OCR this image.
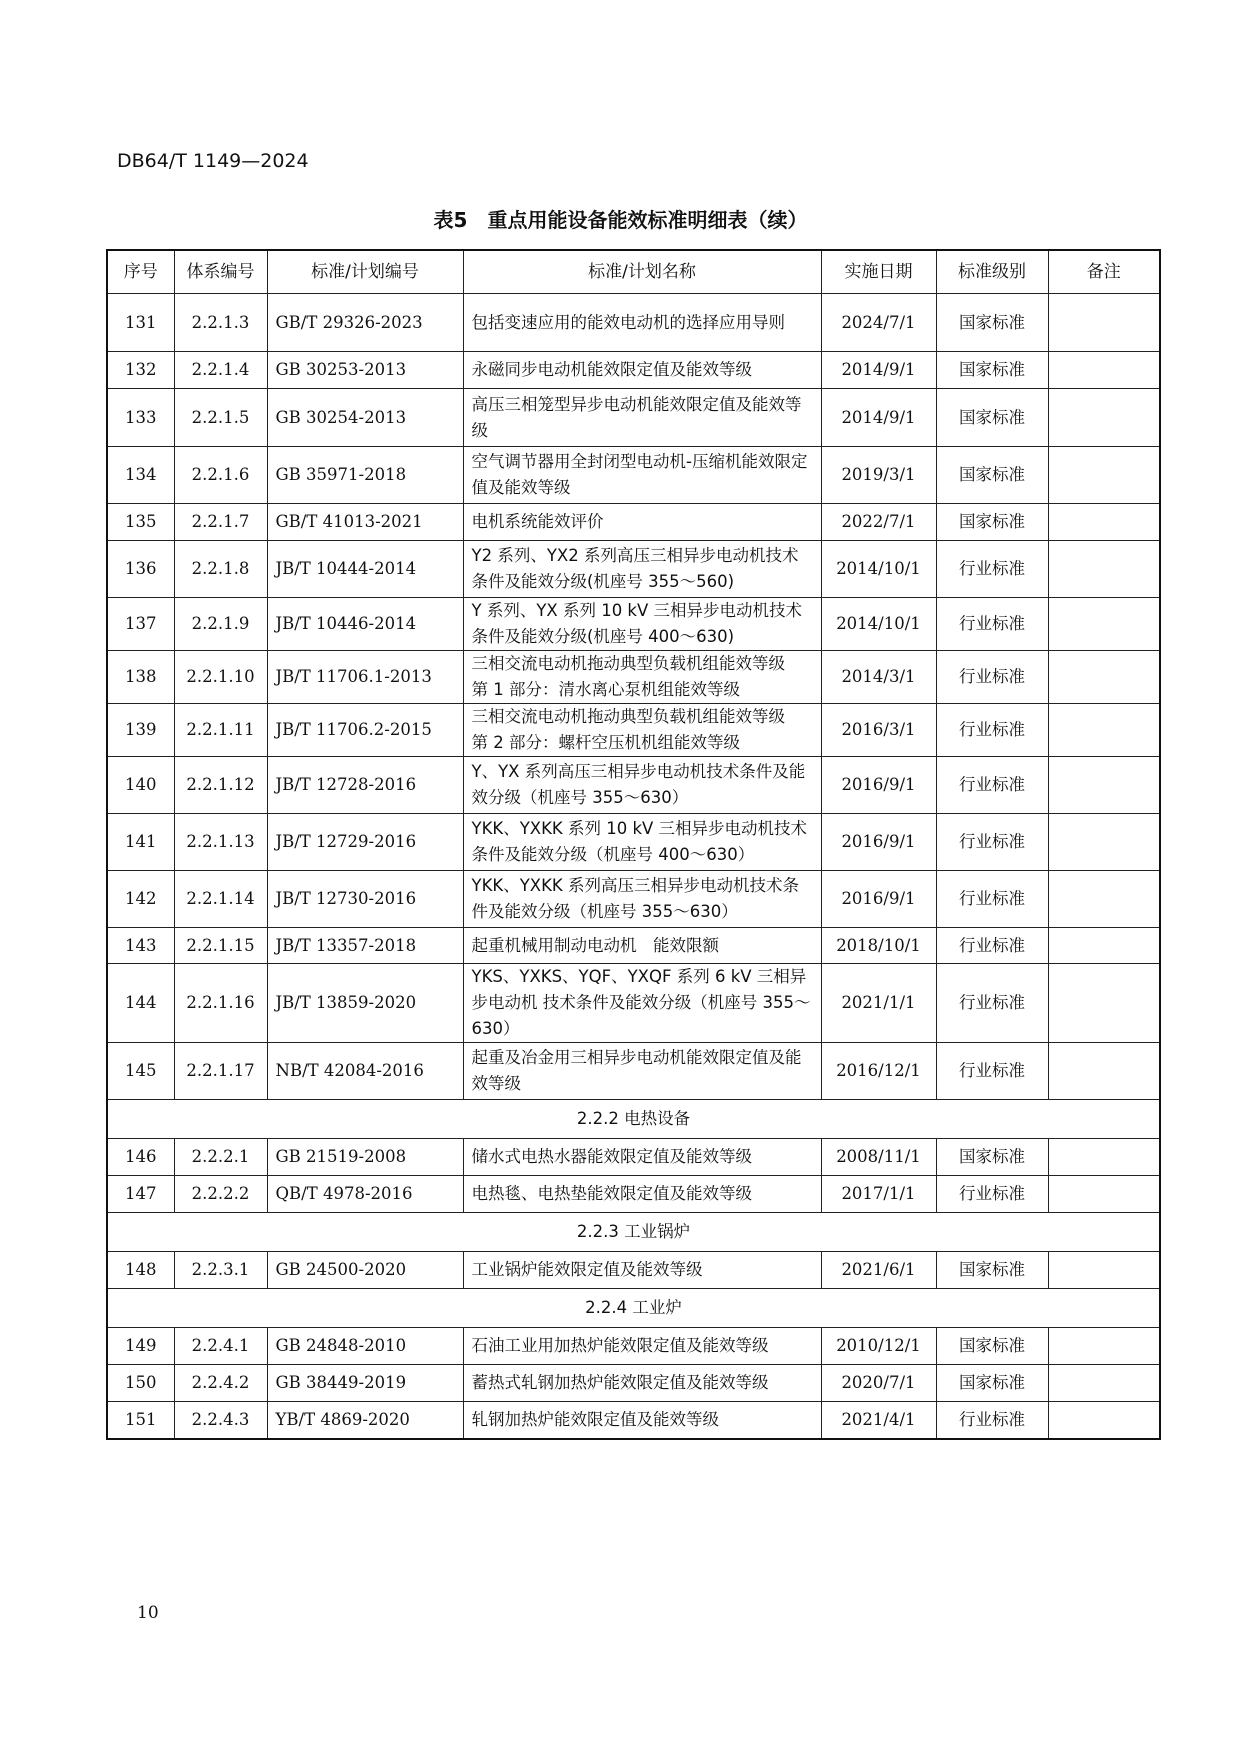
DB64/T 1149—2024
表5　重点用能设备能效标准明细表（续）
序号	体系编号	标准/计划编号	标准/计划名称	实施日期	标准级别	备注
131	2.2.1.3	GB/T 29326-2023	包括变速应用的能效电动机的选择应用导则	2024/7/1	国家标准	
132	2.2.1.4	GB 30253-2013	永磁同步电动机能效限定值及能效等级	2014/9/1	国家标准	
133	2.2.1.5	GB 30254-2013	高压三相笼型异步电动机能效限定值及能效等级	2014/9/1	国家标准	
134	2.2.1.6	GB 35971-2018	空气调节器用全封闭型电动机-压缩机能效限定值及能效等级	2019/3/1	国家标准	
135	2.2.1.7	GB/T 41013-2021	电机系统能效评价	2022/7/1	国家标准	
136	2.2.1.8	JB/T 10444-2014	Y2 系列、YX2 系列高压三相异步电动机技术条件及能效分级(机座号 355～560)	2014/10/1	行业标准	
137	2.2.1.9	JB/T 10446-2014	Y 系列、YX 系列 10 kV 三相异步电动机技术条件及能效分级(机座号 400～630)	2014/10/1	行业标准	
138	2.2.1.10	JB/T 11706.1-2013	三相交流电动机拖动典型负载机组能效等级　第 1 部分：清水离心泵机组能效等级	2014/3/1	行业标准	
139	2.2.1.11	JB/T 11706.2-2015	三相交流电动机拖动典型负载机组能效等级　第 2 部分：螺杆空压机机组能效等级	2016/3/1	行业标准	
140	2.2.1.12	JB/T 12728-2016	Y、YX 系列高压三相异步电动机技术条件及能效分级（机座号 355～630）	2016/9/1	行业标准	
141	2.2.1.13	JB/T 12729-2016	YKK、YXKK 系列 10 kV 三相异步电动机技术条件及能效分级（机座号 400～630）	2016/9/1	行业标准	
142	2.2.1.14	JB/T 12730-2016	YKK、YXKK 系列高压三相异步电动机技术条件及能效分级（机座号 355～630）	2016/9/1	行业标准	
143	2.2.1.15	JB/T 13357-2018	起重机械用制动电动机　能效限额	2018/10/1	行业标准	
144	2.2.1.16	JB/T 13859-2020	YKS、YXKS、YQF、YXQF 系列 6 kV 三相异步电动机 技术条件及能效分级（机座号 355～630）	2021/1/1	行业标准	
145	2.2.1.17	NB/T 42084-2016	起重及冶金用三相异步电动机能效限定值及能效等级	2016/12/1	行业标准	
2.2.2 电热设备						
146	2.2.2.1	GB 21519-2008	储水式电热水器能效限定值及能效等级	2008/11/1	国家标准	
147	2.2.2.2	QB/T 4978-2016	电热毯、电热垫能效限定值及能效等级	2017/1/1	行业标准	
2.2.3 工业锅炉						
148	2.2.3.1	GB 24500-2020	工业锅炉能效限定值及能效等级	2021/6/1	国家标准	
2.2.4 工业炉						
149	2.2.4.1	GB 24848-2010	石油工业用加热炉能效限定值及能效等级	2010/12/1	国家标准	
150	2.2.4.2	GB 38449-2019	蓄热式轧钢加热炉能效限定值及能效等级	2020/7/1	国家标准	
151	2.2.4.3	YB/T 4869-2020	轧钢加热炉能效限定值及能效等级	2021/4/1	行业标准	
10
